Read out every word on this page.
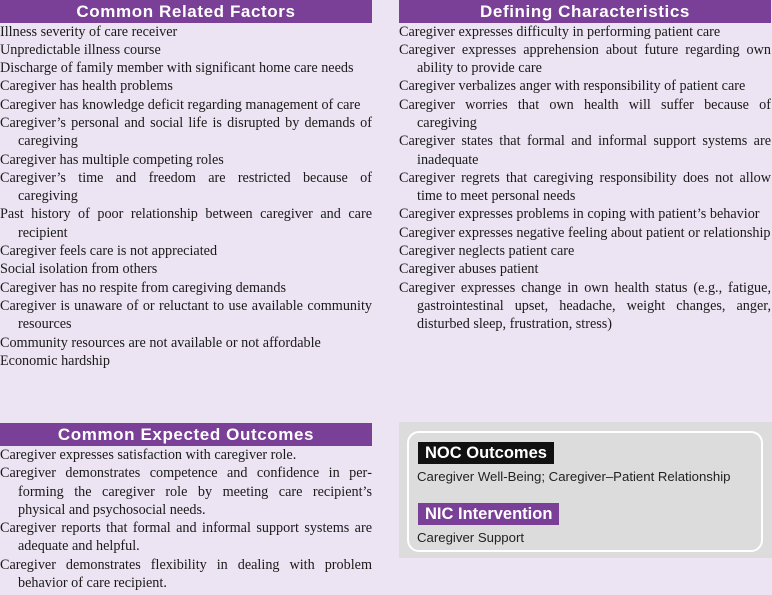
Common Related Factors
Illness severity of care receiver
Unpredictable illness course
Discharge of family member with significant home care needs
Caregiver has health problems
Caregiver has knowledge deficit regarding management of care
Caregiver’s personal and social life is disrupted by demands of caregiving
Caregiver has multiple competing roles
Caregiver’s time and freedom are restricted because of caregiving
Past history of poor relationship between caregiver and care recipient
Caregiver feels care is not appreciated
Social isolation from others
Caregiver has no respite from caregiving demands
Caregiver is unaware of or reluctant to use available community resources
Community resources are not available or not affordable
Economic hardship
Defining Characteristics
Caregiver expresses difficulty in performing patient care
Caregiver expresses apprehension about future regarding own ability to provide care
Caregiver verbalizes anger with responsibility of patient care
Caregiver worries that own health will suffer because of caregiving
Caregiver states that formal and informal support systems are inadequate
Caregiver regrets that caregiving responsibility does not allow time to meet personal needs
Caregiver expresses problems in coping with patient’s behavior
Caregiver expresses negative feeling about patient or relationship
Caregiver neglects patient care
Caregiver abuses patient
Caregiver expresses change in own health status (e.g., fatigue, gastrointestinal upset, headache, weight changes, anger, disturbed sleep, frustration, stress)
Common Expected Outcomes
Caregiver expresses satisfaction with caregiver role.
Caregiver demonstrates competence and confidence in performing the caregiver role by meeting care recipient’s physical and psychosocial needs.
Caregiver reports that formal and informal support systems are adequate and helpful.
Caregiver demonstrates flexibility in dealing with problem behavior of care recipient.
NOC Outcomes
Caregiver Well-Being; Caregiver–Patient Relationship
NIC Intervention
Caregiver Support
